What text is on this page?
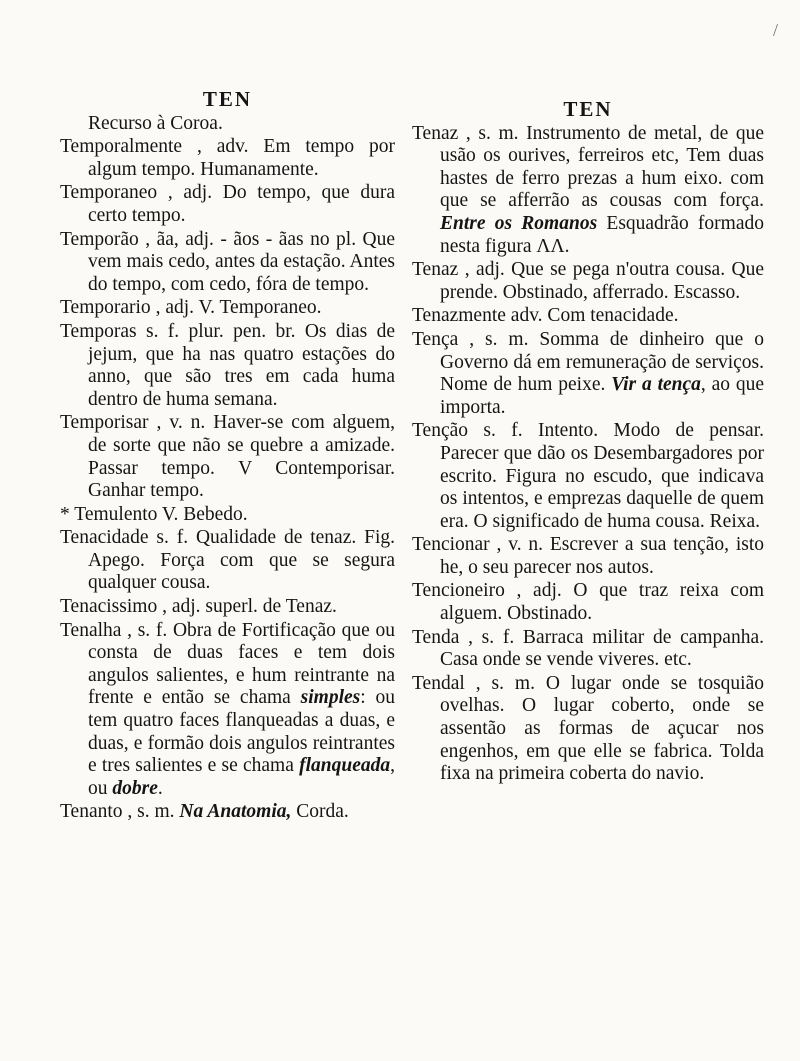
/
TEN
Recurso à Coroa.
Temporalmente , adv. Em tempo por algum tempo. Humanamente.
Temporaneo , adj. Do tempo, que dura certo tempo.
Temporão , ãa, adj. - ãos - ãas no pl. Que vem mais cedo, antes da estação. Antes do tempo, com cedo, fóra de tempo.
Temporario , adj. V. Temporaneo.
Temporas s. f. plur. pen. br. Os dias de jejum, que ha nas quatro estações do anno, que são tres em cada huma dentro de huma semana.
Temporisar , v. n. Haver-se com alguem, de sorte que não se quebre a amizade. Passar tempo. V Contemporisar. Ganhar tempo.
* Temulento V. Bebedo.
Tenacidade s. f. Qualidade de tenaz. Fig. Apego. Força com que se segura qualquer cousa.
Tenacissimo , adj. superl. de Tenaz.
Tenalha , s. f. Obra de Fortificação que ou consta de duas faces e tem dois angulos salientes, e hum reintrante na frente e então se chama simples: ou tem quatro faces flanqueadas a duas, e duas, e formão dois angulos reintrantes e tres salientes e se chama flanqueada, ou dobre.
Tenanto , s. m. Na Anatomia, Corda.
TEN
Tenaz , s. m. Instrumento de metal, de que usão os ourives, ferreiros etc, Tem duas hastes de ferro prezas a hum eixo. com que se afferrão as cousas com força. Entre os Romanos Esquadrão formado nesta figura ΛΛ.
Tenaz , adj. Que se pega n'outra cousa. Que prende. Obstinado, afferrado. Escasso.
Tenazmente adv. Com tenacidade.
Tença , s. m. Somma de dinheiro que o Governo dá em remuneração de serviços. Nome de hum peixe. Vir a tença, ao que importa.
Tenção s. f. Intento. Modo de pensar. Parecer que dão os Desembargadores por escrito. Figura no escudo, que indicava os intentos, e emprezas daquelle de quem era. O significado de huma cousa. Reixa.
Tencionar , v. n. Escrever a sua tenção, isto he, o seu parecer nos autos.
Tencioneiro , adj. O que traz reixa com alguem. Obstinado.
Tenda , s. f. Barraca militar de campanha. Casa onde se vende viveres. etc.
Tendal , s. m. O lugar onde se tosquião ovelhas. O lugar coberto, onde se assentão as formas de açucar nos engenhos, em que elle se fabrica. Tolda fixa na primeira coberta do navio.
